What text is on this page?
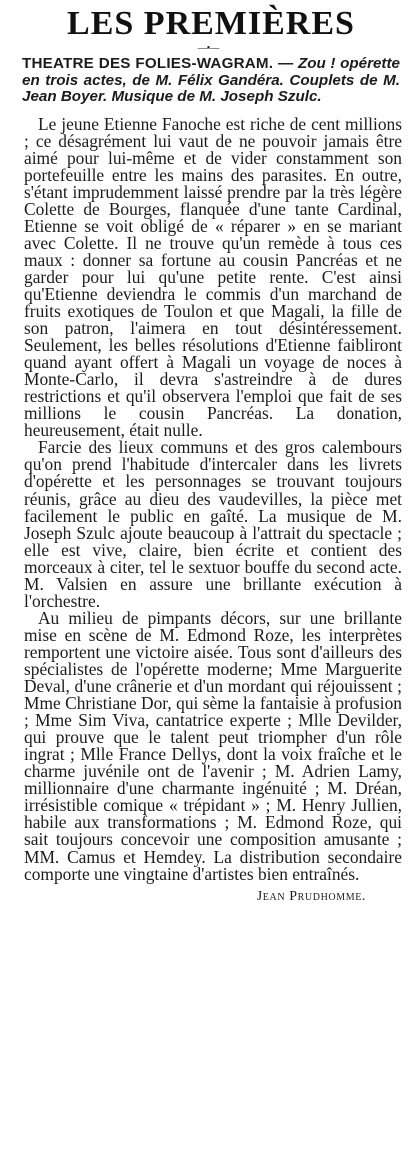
LES PREMIÈRES
—•—
THEATRE DES FOLIES-WAGRAM. — Zou ! opérette en trois actes, de M. Félix Gandéra. Couplets de M. Jean Boyer. Musique de M. Joseph Szulc.

Le jeune Etienne Fanoche est riche de cent millions ; ce désagrément lui vaut de ne pouvoir jamais être aimé pour lui-même et de vider constamment son portefeuille entre les mains des parasites. En outre, s'étant imprudemment laissé prendre par la très légère Colette de Bourges, flanquée d'une tante Cardinal, Etienne se voit obligé de « réparer » en se mariant avec Colette. Il ne trouve qu'un remède à tous ces maux : donner sa fortune au cousin Pancréas et ne garder pour lui qu'une petite rente. C'est ainsi qu'Etienne deviendra le commis d'un marchand de fruits exotiques de Toulon et que Magali, la fille de son patron, l'aimera en tout désintéressement. Seulement, les belles résolutions d'Etienne faibliront quand ayant offert à Magali un voyage de noces à Monte-Carlo, il devra s'astreindre à de dures restrictions et qu'il observera l'emploi que fait de ses millions le cousin Pancréas. La donation, heureusement, était nulle.

Farcie des lieux communs et des gros calembours qu'on prend l'habitude d'intercaler dans les livrets d'opérette et les personnages se trouvant toujours réunis, grâce au dieu des vaudevilles, la pièce met facilement le public en gaîté. La musique de M. Joseph Szulc ajoute beaucoup à l'attrait du spectacle ; elle est vive, claire, bien écrite et contient des morceaux à citer, tel le sextuor bouffe du second acte. M. Valsien en assure une brillante exécution à l'orchestre.

Au milieu de pimpants décors, sur une brillante mise en scène de M. Edmond Roze, les interprètes remportent une victoire aisée. Tous sont d'ailleurs des spécialistes de l'opérette moderne; Mme Marguerite Deval, d'une crânerie et d'un mordant qui réjouissent ; Mme Christiane Dor, qui sème la fantaisie à profusion ; Mme Sim Viva, cantatrice experte ; Mlle Devilder, qui prouve que le talent peut triompher d'un rôle ingrat ; Mlle France Dellys, dont la voix fraîche et le charme juvénile ont de l'avenir ; M. Adrien Lamy, millionnaire d'une charmante ingénuité ; M. Dréan, irrésistible comique « trépidant » ; M. Henry Jullien, habile aux transformations ; M. Edmond Roze, qui sait toujours concevoir une composition amusante ; MM. Camus et Hemdey. La distribution secondaire comporte une vingtaine d'artistes bien entraînés.

Jean Prudhomme.
